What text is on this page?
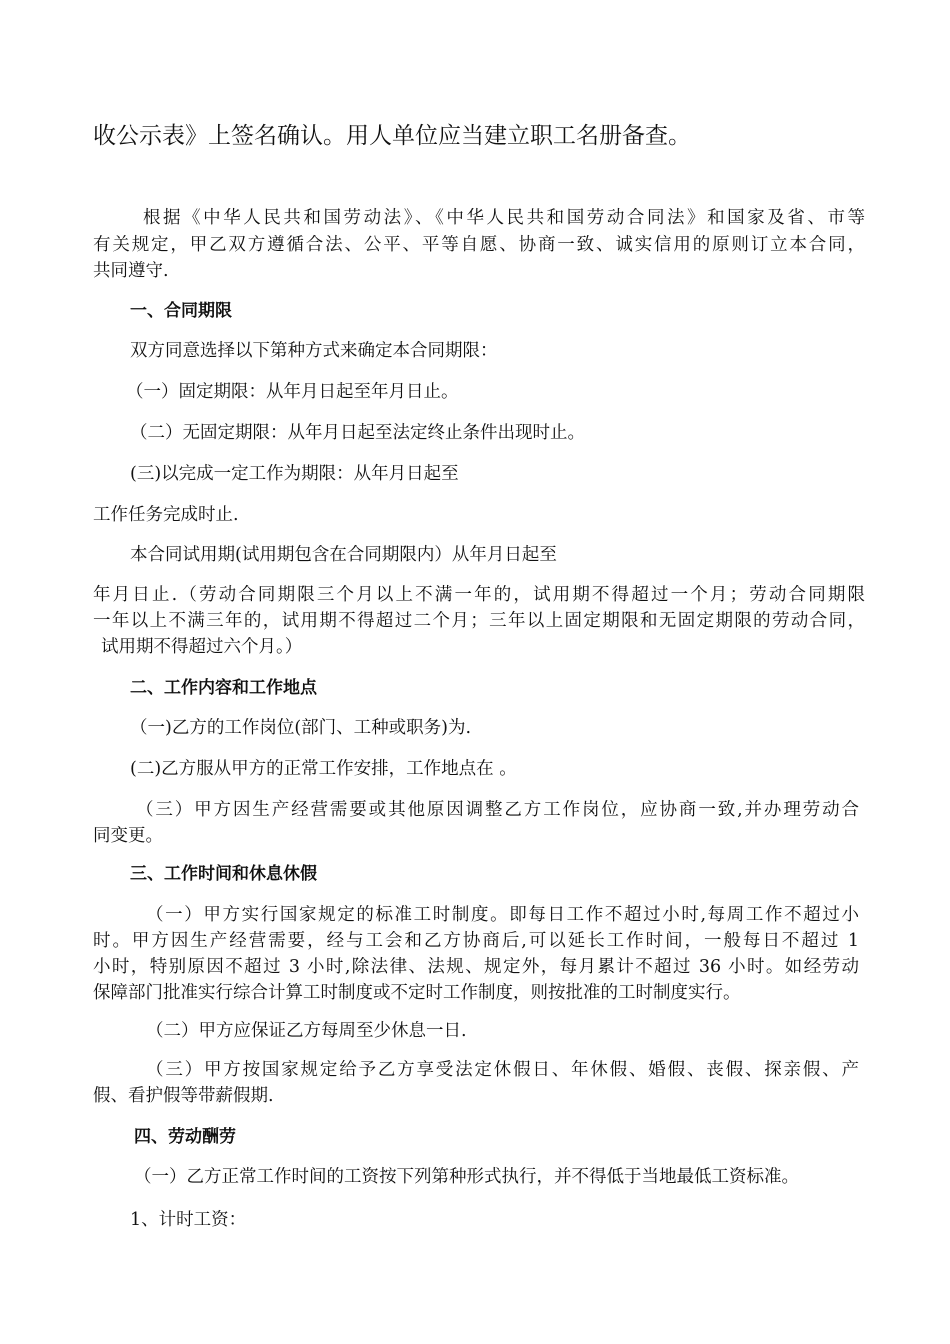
收公示表》上签名确认。用人单位应当建立职工名册备查。
根据《中华人民共和国劳动法》、《中华人民共和国劳动合同法》和国家及省、市等
有关规定，甲乙双方遵循合法、公平、平等自愿、协商一致、诚实信用的原则订立本合同，
共同遵守.
一、合同期限
双方同意选择以下第种方式来确定本合同期限：
（一）固定期限：从年月日起至年月日止。
（二）无固定期限：从年月日起至法定终止条件出现时止。
(三)以完成一定工作为期限：从年月日起至
工作任务完成时止.
本合同试用期(试用期包含在合同期限内）从年月日起至
年月日止.（劳动合同期限三个月以上不满一年的，试用期不得超过一个月；劳动合同期限
一年以上不满三年的，试用期不得超过二个月；三年以上固定期限和无固定期限的劳动合同，
试用期不得超过六个月。）
二、工作内容和工作地点
（一)乙方的工作岗位(部门、工种或职务)为.
(二)乙方服从甲方的正常工作安排，工作地点在 。
（三）甲方因生产经营需要或其他原因调整乙方工作岗位，应协商一致,并办理劳动合
同变更。
三、工作时间和休息休假
（一）甲方实行国家规定的标准工时制度。即每日工作不超过小时,每周工作不超过小
时。甲方因生产经营需要，经与工会和乙方协商后,可以延长工作时间，一般每日不超过 1
小时，特别原因不超过 3 小时,除法律、法规、规定外，每月累计不超过 36 小时。如经劳动
保障部门批准实行综合计算工时制度或不定时工作制度，则按批准的工时制度实行。
（二）甲方应保证乙方每周至少休息一日.
（三）甲方按国家规定给予乙方享受法定休假日、年休假、婚假、丧假、探亲假、产
假、看护假等带薪假期.
四、劳动酬劳
（一）乙方正常工作时间的工资按下列第种形式执行，并不得低于当地最低工资标准。
1、计时工资：
